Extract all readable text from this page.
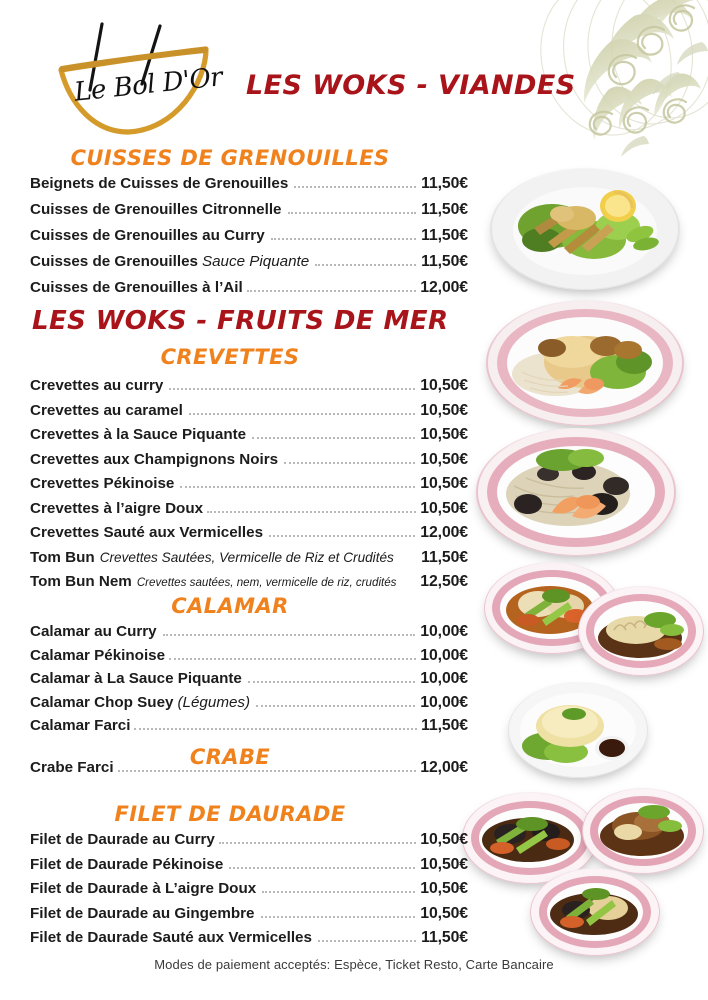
Le Bol D'Or LES WOKS - VIANDES
CUISSES DE GRENOUILLES
Beignets de Cuisses de Grenouilles	11,50€
Cuisses de Grenouilles Citronnelle	11,50€
Cuisses de Grenouilles au Curry	11,50€
Cuisses de Grenouilles Sauce Piquante	11,50€
Cuisses de Grenouilles à l’Ail	12,00€
LES WOKS - FRUITS DE MER
CREVETTES
Crevettes au curry	10,50€
Crevettes au caramel	10,50€
Crevettes à la Sauce Piquante	10,50€
Crevettes aux Champignons Noirs	10,50€
Crevettes Pékinoise	10,50€
Crevettes à l’aigre Doux	10,50€
Crevettes Sauté aux Vermicelles	12,00€
Tom Bun Crevettes Sautées, Vermicelle de Riz et Crudités 11,50€
Tom Bun Nem Crevettes sautées, nem, vermicelle de riz, crudités 12,50€
CALAMAR
Calamar au Curry	10,00€
Calamar Pékinoise	10,00€
Calamar à La Sauce Piquante	10,00€
Calamar Chop Suey (Légumes)	10,00€
Calamar Farci	11,50€
CRABE
Crabe Farci	12,00€
FILET DE DAURADE
Filet de Daurade au Curry	10,50€
Filet de Daurade Pékinoise	10,50€
Filet de Daurade à L’aigre Doux	10,50€
Filet de Daurade au Gingembre	10,50€
Filet de Daurade Sauté aux Vermicelles	11,50€
Modes de paiement acceptés: Espèce, Ticket Resto, Carte Bancaire
